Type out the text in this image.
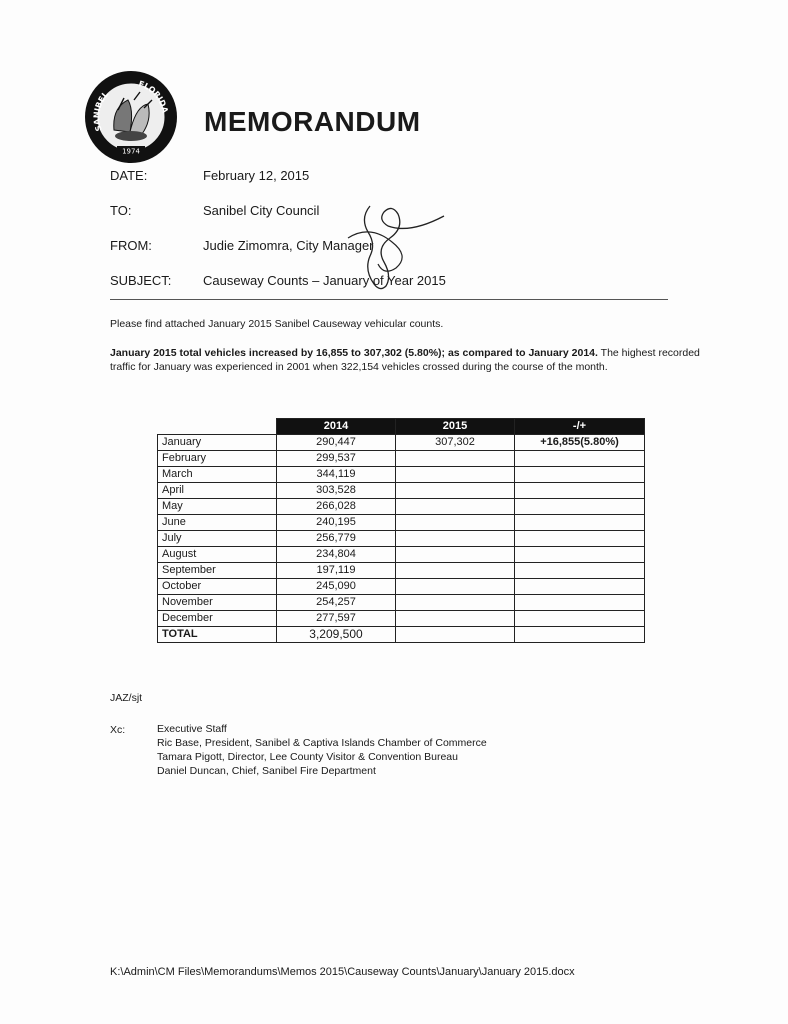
SANIBEL
FLORIDA
1974
MEMORANDUM
DATE:	February 12, 2015
TO:	Sanibel City Council
FROM:	Judie Zimomra, City Manager
SUBJECT: Causeway Counts – January of Year 2015
Please find attached January 2015 Sanibel Causeway vehicular counts.
January 2015 total vehicles increased by 16,855 to 307,302 (5.80%); as compared to January 2014. The highest recorded traffic for January was experienced in 2001 when 322,154 vehicles crossed during the course of the month.
	2014	2015	-/+
January	290,447	307,302	+16,855(5.80%)
February	299,537		
March	344,119		
April	303,528		
May	266,028		
June	240,195		
July	256,779		
August	234,804		
September	197,119		
October	245,090		
November	254,257		
December	277,597		
TOTAL	3,209,500		
JAZ/sjt
Xc:	Executive Staff
Ric Base, President, Sanibel & Captiva Islands Chamber of Commerce
Tamara Pigott, Director, Lee County Visitor & Convention Bureau
Daniel Duncan, Chief, Sanibel Fire Department
K:\Admin\CM Files\Memorandums\Memos 2015\Causeway Counts\January\January 2015.docx
